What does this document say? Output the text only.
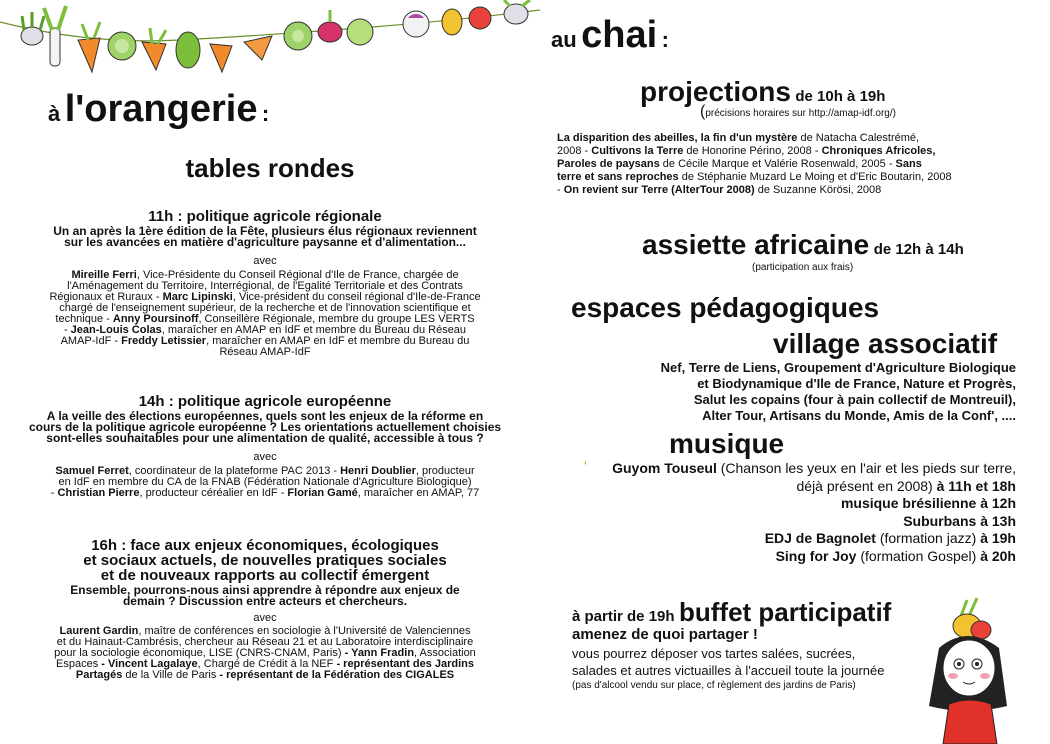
à l'orangerie :
tables rondes
11h : politique agricole régionale
Un an après la 1ère édition de la Fête, plusieurs élus régionaux reviennent
sur les avancées en matière d'agriculture paysanne et d'alimentation...
avec
Mireille Ferri, Vice-Présidente du Conseil Régional d'Ile de France, chargée de
l'Aménagement du Territoire, Interrégional, de l'Egalité Territoriale et des Contrats
Régionaux et Ruraux - Marc Lipinski, Vice-président du conseil régional d'Ile-de-France
chargé de l'enseignement supérieur, de la recherche et de l'innovation scientifique et
technique - Anny Poursinoff, Conseillère Régionale, membre du groupe LES VERTS
- Jean-Louis Colas, maraîcher en AMAP en IdF et membre du Bureau du Réseau
AMAP-IdF - Freddy Letissier, maraîcher en AMAP en IdF et membre du Bureau du
Réseau AMAP-IdF
14h : politique agricole européenne
A la veille des élections européennes, quels sont les enjeux de la réforme en
cours de la politique agricole européenne ? Les orientations actuellement choisies
sont-elles souhaitables pour une alimentation de qualité, accessible à tous ?
avec
Samuel Ferret, coordinateur de la plateforme PAC 2013 - Henri Doublier, producteur
en IdF en membre du CA de la FNAB (Fédération Nationale d'Agriculture Biologique)
- Christian Pierre, producteur céréalier en IdF - Florian Gamé, maraîcher en AMAP, 77
16h : face aux enjeux économiques, écologiques
et sociaux actuels, de nouvelles pratiques sociales
et de nouveaux rapports au collectif émergent
Ensemble, pourrons-nous ainsi apprendre à répondre aux enjeux de
demain ? Discussion entre acteurs et chercheurs.
avec
Laurent Gardin, maître de conférences en sociologie à l'Université de Valenciennes
et du Hainaut-Cambrésis, chercheur au Réseau 21 et au Laboratoire interdisciplinaire
pour la sociologie économique, LISE (CNRS-CNAM, Paris) - Yann Fradin, Association
Espaces - Vincent Lagalaye, Chargé de Crédit à la NEF - représentant des Jardins
Partagés de la Ville de Paris - représentant de la Fédération des CIGALES
au chai :
projections de 10h à 19h
(précisions horaires sur http://amap-idf.org/)
La disparition des abeilles, la fin d'un mystère de Natacha Calestrémé,
2008 - Cultivons la Terre de Honorine Périno, 2008 - Chroniques Africoles,
Paroles de paysans de Cécile Marque et Valérie Rosenwald, 2005 - Sans
terre et sans reproches de Stéphanie Muzard Le Moing et d'Eric Boutarin, 2008
- On revient sur Terre (AlterTour 2008) de Suzanne Körösi, 2008
assiette africaine de 12h à 14h
(participation aux frais)
espaces pédagogiques
village associatif
Nef, Terre de Liens, Groupement d'Agriculture Biologique
et Biodynamique d'Ile de France, Nature et Progrès,
Salut les copains (four à pain collectif de Montreuil),
Alter Tour, Artisans du Monde, Amis de la Conf', ....
musique
'	Guyom Touseul (Chanson les yeux en l'air et les pieds sur terre,
déjà présent en 2008) à 11h et 18h
musique brésilienne à 12h
Suburbans à 13h
EDJ de Bagnolet (formation jazz) à 19h
Sing for Joy (formation Gospel) à 20h
à partir de 19h buffet participatif
amenez de quoi partager !
vous pourrez déposer vos tartes salées, sucrées,
salades et autres victuailles à l'accueil toute la journée
(pas d'alcool vendu sur place, cf règlement des jardins de Paris)
